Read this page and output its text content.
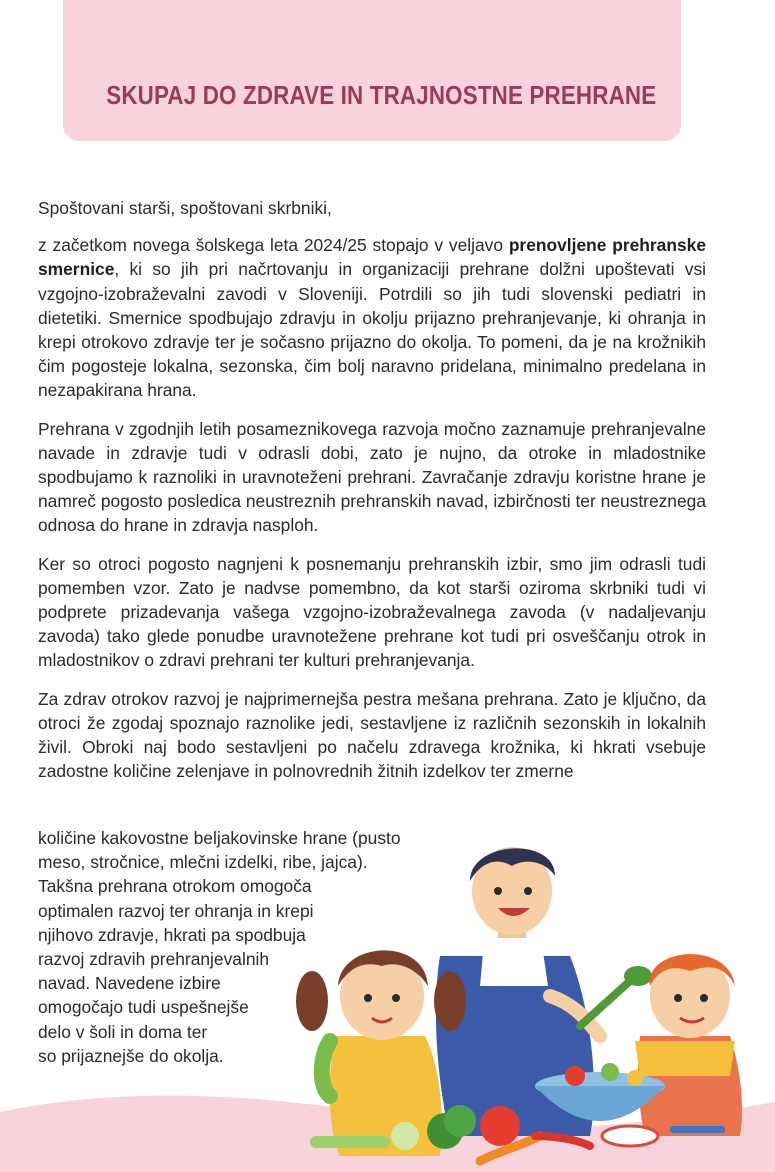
SKUPAJ DO ZDRAVE IN TRAJNOSTNE PREHRANE

Spoštovani starši, spoštovani skrbniki,

z začetkom novega šolskega leta 2024/25 stopajo v veljavo prenovljene prehranske smernice, ki so jih pri načrtovanju in organizaciji prehrane dolžni upoštevati vsi vzgojno-izobraževalni zavodi v Sloveniji. Potrdili so jih tudi slovenski pediatri in dietetiki. Smernice spodbujajo zdravju in okolju prijazno prehranjevanje, ki ohranja in krepi otrokovo zdravje ter je sočasno prijazno do okolja. To pomeni, da je na krožnikih čim pogosteje lokalna, sezonska, čim bolj naravno pridelana, minimalno predelana in nezapakirana hrana.

Prehrana v zgodnjih letih posameznikovega razvoja močno zaznamuje prehranjevalne navade in zdravje tudi v odrasli dobi, zato je nujno, da otroke in mladostnike spodbujamo k raznoliki in uravnoteženi prehrani. Zavračanje zdravju koristne hrane je namreč pogosto posledica neustreznih prehranskih navad, izbirčnosti ter neustreznega odnosa do hrane in zdravja nasploh.

Ker so otroci pogosto nagnjeni k posnemanju prehranskih izbir, smo jim odrasli tudi pomemben vzor. Zato je nadvse pomembno, da kot starši oziroma skrbniki tudi vi podprete prizadevanja vašega vzgojno-izobraževalnega zavoda (v nadaljevanju zavoda) tako glede ponudbe uravnotežene prehrane kot tudi pri osveščanju otrok in mladostnikov o zdravi prehrani ter kulturi prehranjevanja.

Za zdrav otrokov razvoj je najprimernejša pestra mešana prehrana. Zato je ključno, da otroci že zgodaj spoznajo raznolike jedi, sestavljene iz različnih sezonskih in lokalnih živil. Obroki naj bodo sestavljeni po načelu zdravega krožnika, ki hkrati vsebuje zadostne količine zelenjave in polnovrednih žitnih izdelkov ter zmerne

količine kakovostne beljakovinske hrane (pusto
meso, stročnice, mlečni izdelki, ribe, jajca).
Takšna prehrana otrokom omogoča
optimalen razvoj ter ohranja in krepi
njihovo zdravje, hkrati pa spodbuja
razvoj zdravih prehranjevalnih
navad. Navedene izbire
omogočajo tudi uspešnejše
delo v šoli in doma ter
so prijaznejše do okolja.
